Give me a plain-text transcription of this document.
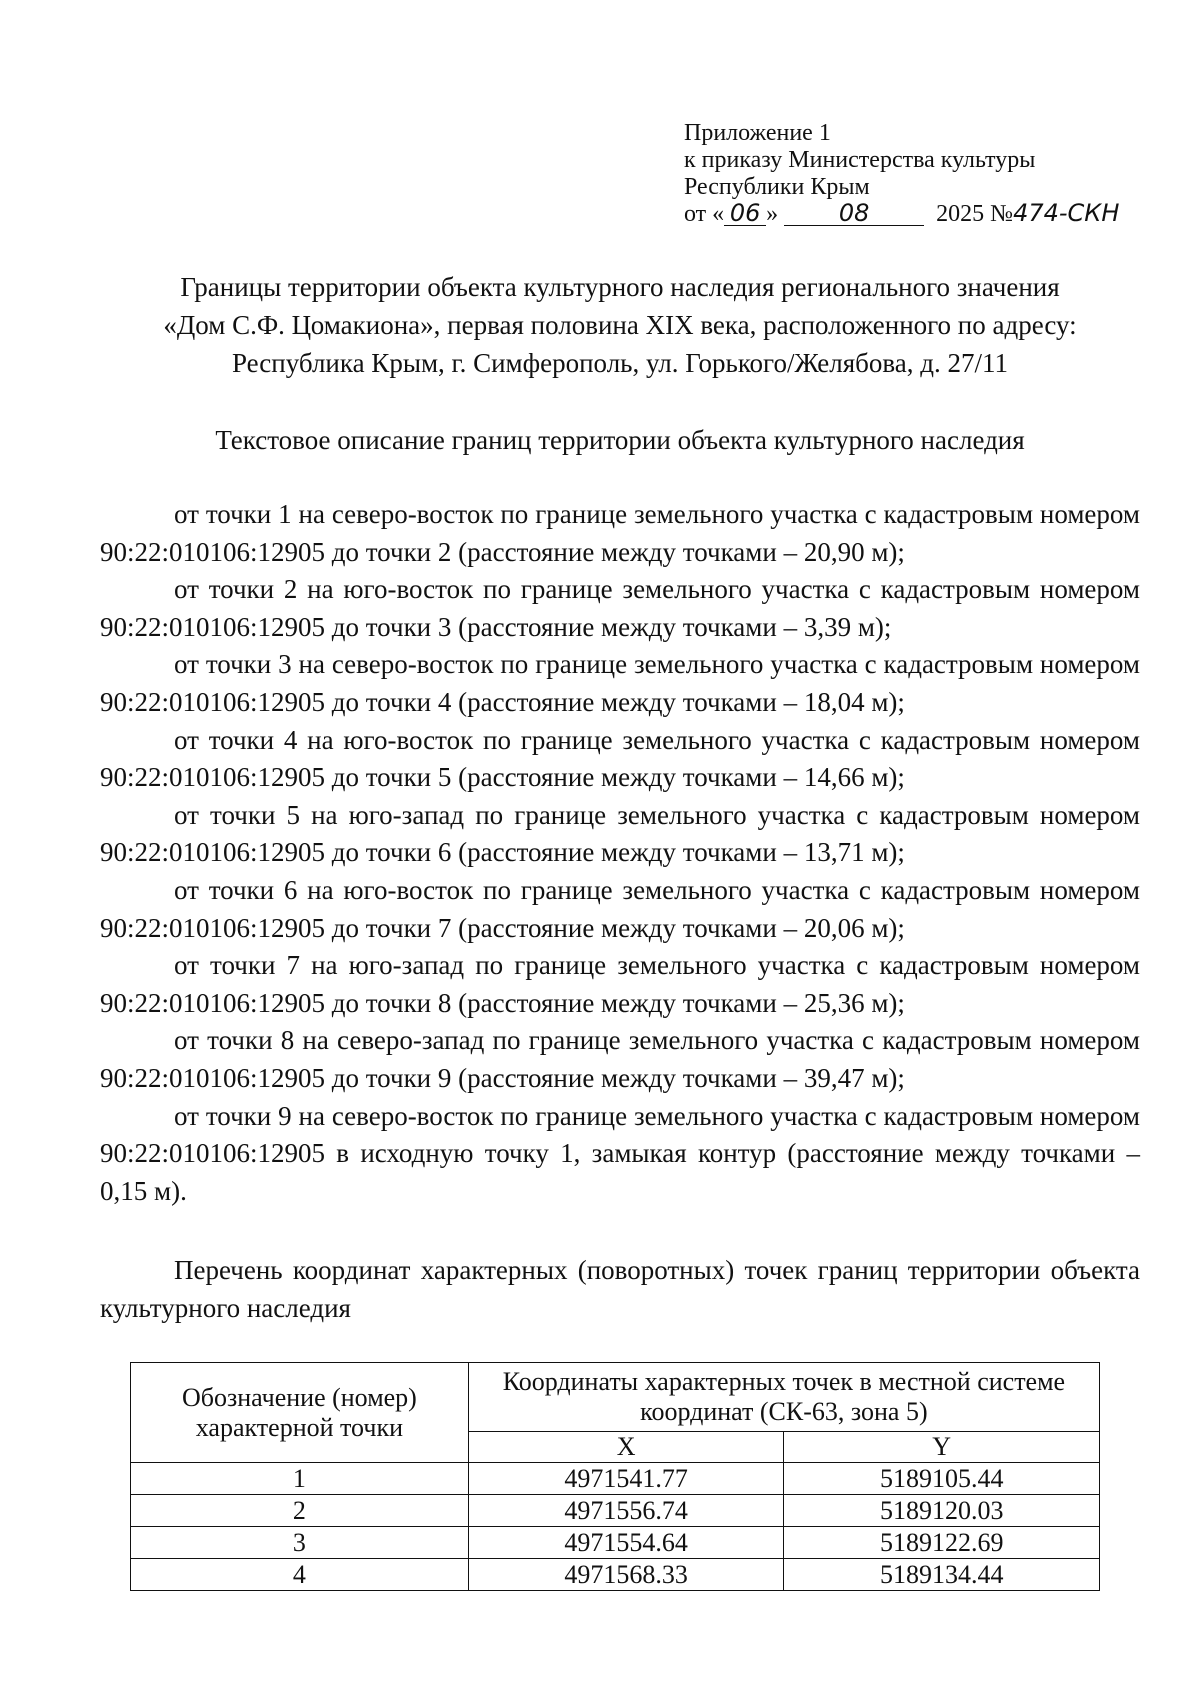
Приложение 1
к приказу Министерства культуры
Республики Крым
от « 06 »	08	2025 №474-СКН
Границы территории объекта культурного наследия регионального значения
«Дом С.Ф. Цомакиона», первая половина XIX века, расположенного по адресу:
Республика Крым, г. Симферополь, ул. Горького/Желябова, д. 27/11
Текстовое описание границ территории объекта культурного наследия

от точки 1 на северо-восток по границе земельного участка с кадастровым номером 90:22:010106:12905 до точки 2 (расстояние между точками – 20,90 м);

от точки 2 на юго-восток по границе земельного участка с кадастровым номером 90:22:010106:12905 до точки 3 (расстояние между точками – 3,39 м);

от точки 3 на северо-восток по границе земельного участка с кадастровым номером 90:22:010106:12905 до точки 4 (расстояние между точками – 18,04 м);

от точки 4 на юго-восток по границе земельного участка с кадастровым номером 90:22:010106:12905 до точки 5 (расстояние между точками – 14,66 м);

от точки 5 на юго-запад по границе земельного участка с кадастровым номером 90:22:010106:12905 до точки 6 (расстояние между точками – 13,71 м);

от точки 6 на юго-восток по границе земельного участка с кадастровым номером 90:22:010106:12905 до точки 7 (расстояние между точками – 20,06 м);

от точки 7 на юго-запад по границе земельного участка с кадастровым номером 90:22:010106:12905 до точки 8 (расстояние между точками – 25,36 м);

от точки 8 на северо-запад по границе земельного участка с кадастровым номером 90:22:010106:12905 до точки 9 (расстояние между точками – 39,47 м);

от точки 9 на северо-восток по границе земельного участка с кадастровым номером 90:22:010106:12905 в исходную точку 1, замыкая контур (расстояние между точками – 0,15 м).

Перечень координат характерных (поворотных) точек границ территории объекта культурного наследия

Обозначение (номер) характерной точки	Координаты характерных точек в местной системе координат (СК-63, зона 5)	
	X	Y
1	4971541.77	5189105.44
2	4971556.74	5189120.03
3	4971554.64	5189122.69
4	4971568.33	5189134.44
